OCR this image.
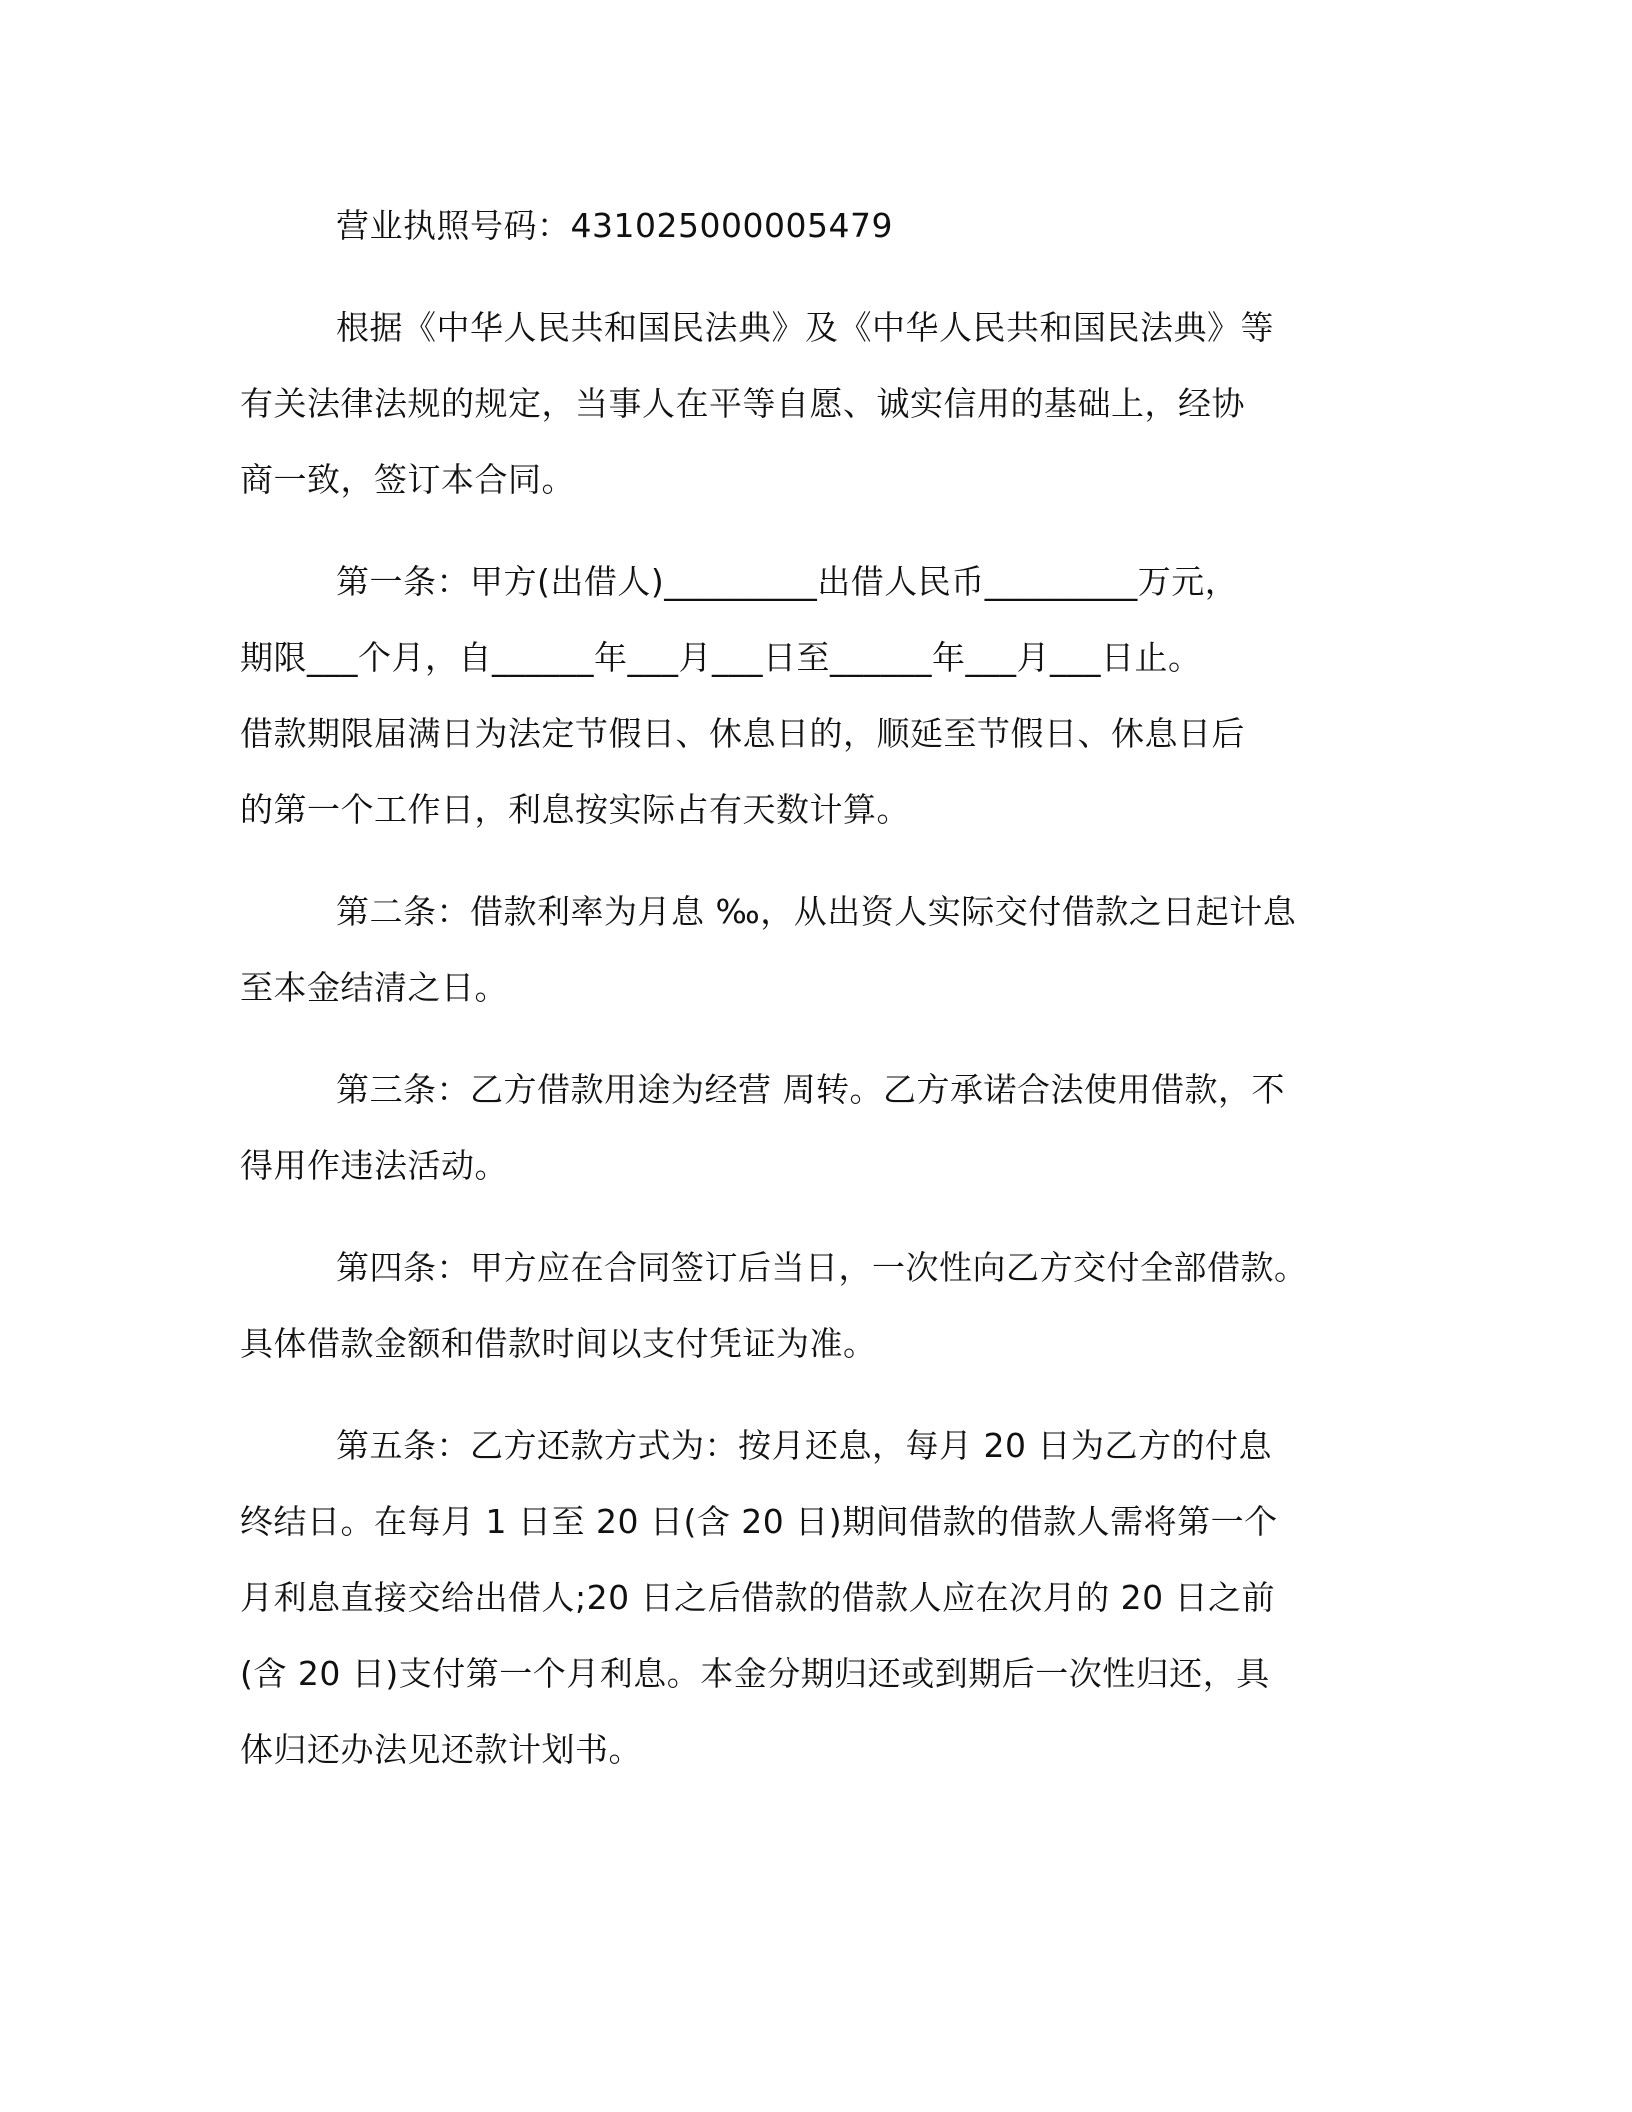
营业执照号码：431025000005479

根据《中华人民共和国民法典》及《中华人民共和国民法典》等
有关法律法规的规定，当事人在平等自愿、诚实信用的基础上，经协
商一致，签订本合同。

第一条：甲方(出借人)_________出借人民币_________万元，
期限___个月，自______年___月___日至______年___月___日止。
借款期限届满日为法定节假日、休息日的，顺延至节假日、休息日后
的第一个工作日，利息按实际占有天数计算。

第二条：借款利率为月息 ‰，从出资人实际交付借款之日起计息
至本金结清之日。

第三条：乙方借款用途为经营 周转。乙方承诺合法使用借款，不
得用作违法活动。

第四条：甲方应在合同签订后当日，一次性向乙方交付全部借款。
具体借款金额和借款时间以支付凭证为准。

第五条：乙方还款方式为：按月还息，每月 20 日为乙方的付息
终结日。在每月 1 日至 20 日(含 20 日)期间借款的借款人需将第一个
月利息直接交给出借人;20 日之后借款的借款人应在次月的 20 日之前
(含 20 日)支付第一个月利息。本金分期归还或到期后一次性归还，具
体归还办法见还款计划书。
